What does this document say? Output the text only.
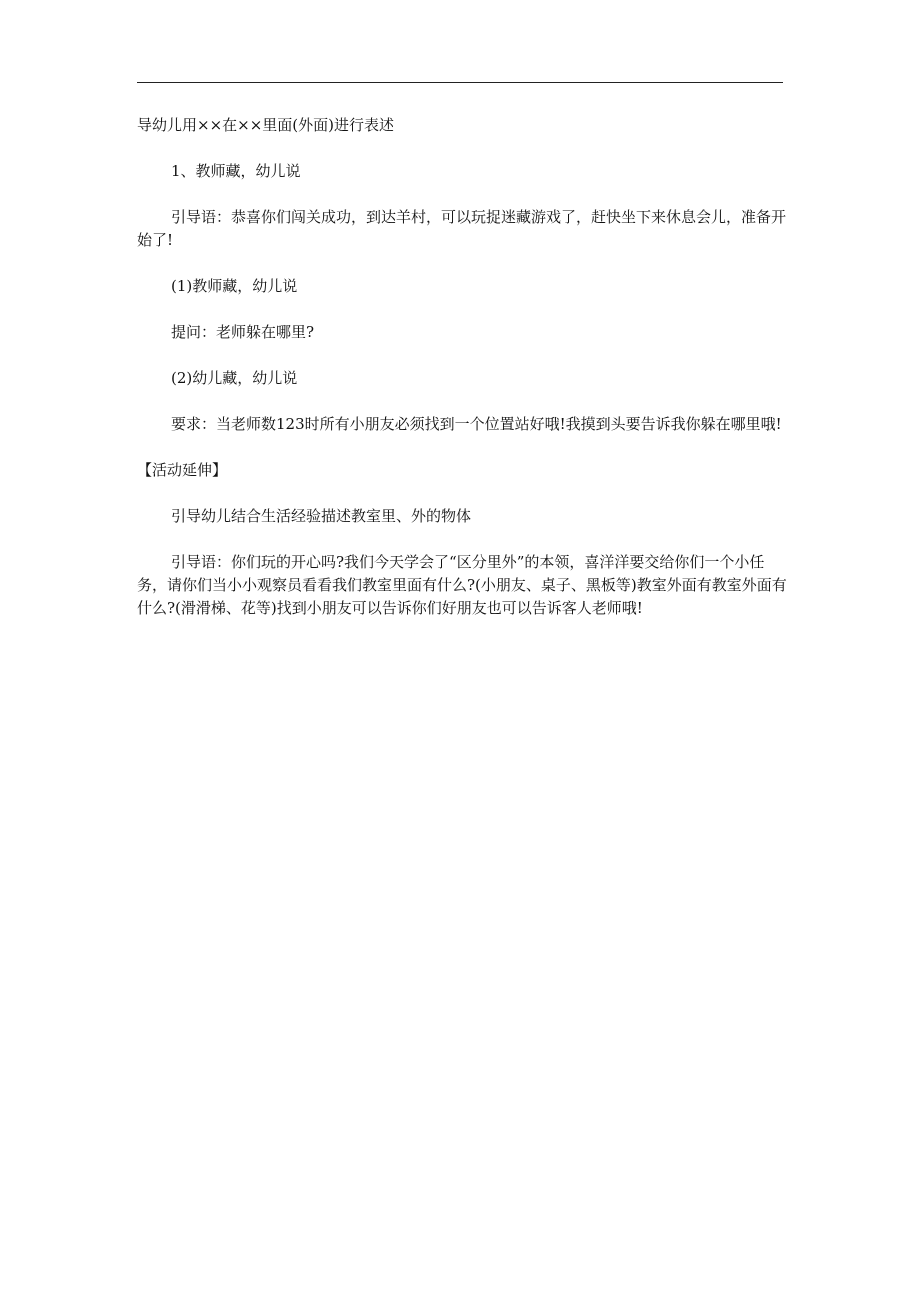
导幼儿用××在××里面(外面)进行表述

1、教师藏，幼儿说

引导语：恭喜你们闯关成功，到达羊村，可以玩捉迷藏游戏了，赶快坐下来休息会儿，准备开始了!

(1)教师藏，幼儿说

提问：老师躲在哪里?

(2)幼儿藏，幼儿说

要求：当老师数123时所有小朋友必须找到一个位置站好哦!我摸到头要告诉我你躲在哪里哦!

【活动延伸】

引导幼儿结合生活经验描述教室里、外的物体

引导语：你们玩的开心吗?我们今天学会了“区分里外”的本领，喜洋洋要交给你们一个小任务，请你们当小小观察员看看我们教室里面有什么?(小朋友、桌子、黑板等)教室外面有教室外面有什么?(滑滑梯、花等)找到小朋友可以告诉你们好朋友也可以告诉客人老师哦!
